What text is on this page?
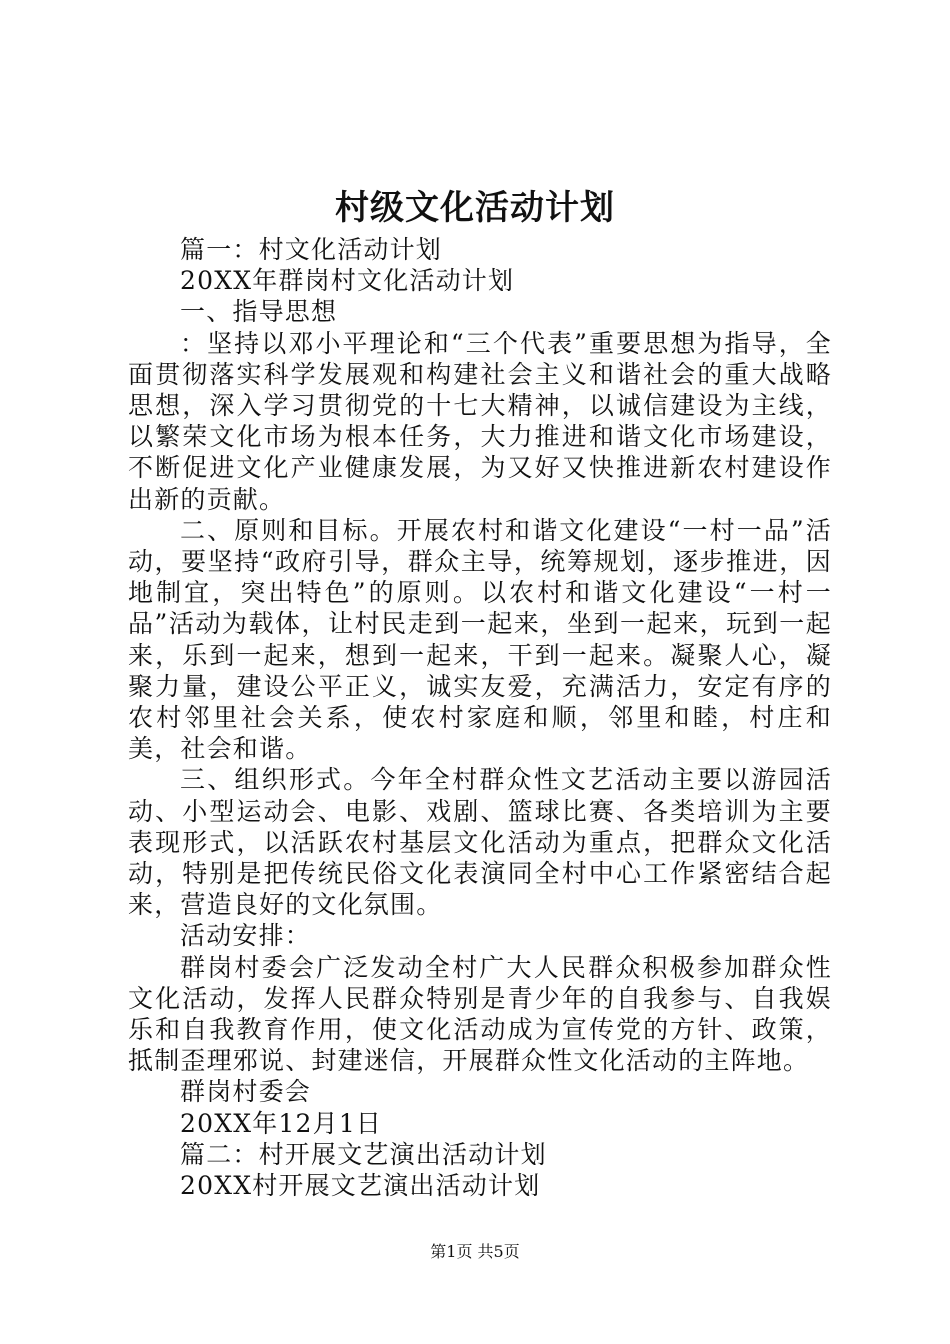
村级文化活动计划

篇一：村文化活动计划

20XX年群岗村文化活动计划

一、指导思想

：坚持以邓小平理论和“三个代表”重要思想为指导，全面贯彻落实科学发展观和构建社会主义和谐社会的重大战略思想，深入学习贯彻党的十七大精神，以诚信建设为主线，以繁荣文化市场为根本任务，大力推进和谐文化市场建设，不断促进文化产业健康发展，为又好又快推进新农村建设作出新的贡献。

二、原则和目标。开展农村和谐文化建设“一村一品”活动，要坚持“政府引导，群众主导，统筹规划，逐步推进，因地制宜，突出特色”的原则。以农村和谐文化建设“一村一品”活动为载体，让村民走到一起来，坐到一起来，玩到一起来，乐到一起来，想到一起来，干到一起来。凝聚人心，凝聚力量，建设公平正义，诚实友爱，充满活力，安定有序的农村邻里社会关系，使农村家庭和顺，邻里和睦，村庄和美，社会和谐。

三、组织形式。今年全村群众性文艺活动主要以游园活动、小型运动会、电影、戏剧、篮球比赛、各类培训为主要表现形式，以活跃农村基层文化活动为重点，把群众文化活动，特别是把传统民俗文化表演同全村中心工作紧密结合起来，营造良好的文化氛围。

活动安排：

群岗村委会广泛发动全村广大人民群众积极参加群众性文化活动，发挥人民群众特别是青少年的自我参与、自我娱乐和自我教育作用，使文化活动成为宣传党的方针、政策，抵制歪理邪说、封建迷信，开展群众性文化活动的主阵地。

群岗村委会

20XX年12月1日

篇二：村开展文艺演出活动计划

20XX村开展文艺演出活动计划

第1页 共5页
